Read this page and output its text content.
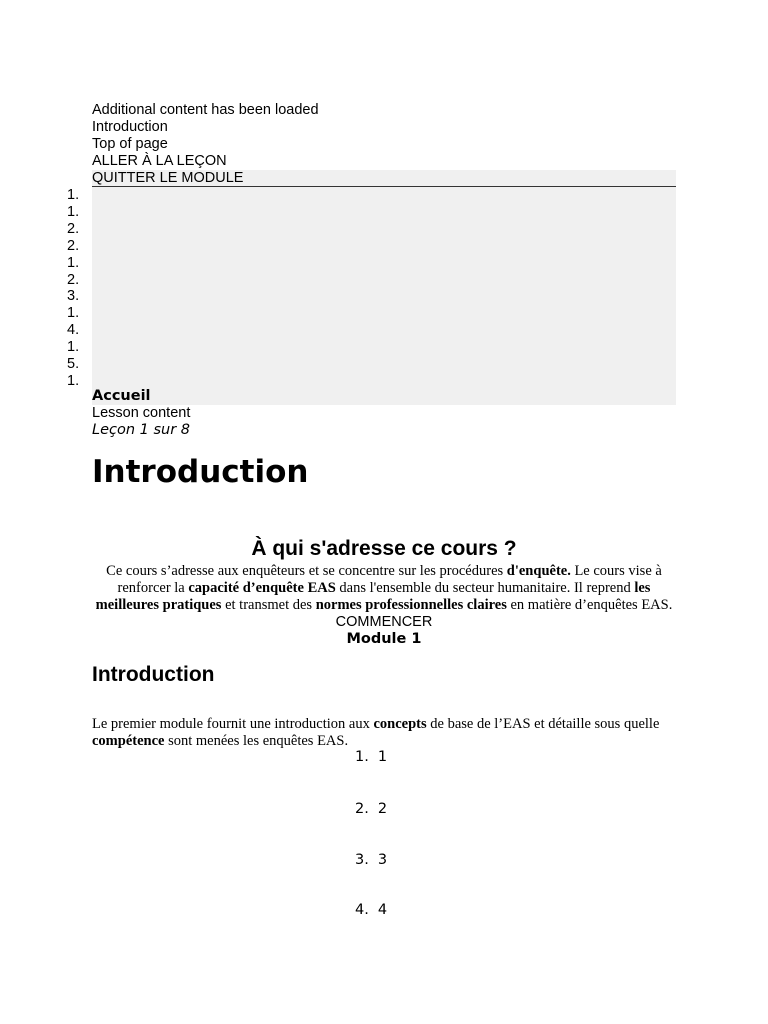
Additional content has been loaded
Introduction
Top of page
ALLER À LA LEÇON
QUITTER LE MODULE
1.
1.
2.
2.
1.
2.
3.
1.
4.
1.
5.
1.
Accueil
Lesson content
Leçon 1 sur 8
Introduction
À qui s'adresse ce cours ?

Ce cours s’adresse aux enquêteurs et se concentre sur les procédures d'enquête. Le cours vise à renforcer la capacité d’enquête EAS dans l'ensemble du secteur humanitaire. Il reprend les meilleures pratiques et transmet des normes professionnelles claires en matière d’enquêtes EAS.

COMMENCER
Module 1
Introduction

Le premier module fournit une introduction aux concepts de base de l’EAS et détaille sous quelle compétence sont menées les enquêtes EAS.

1. 1
2. 2
3. 3
4. 4
